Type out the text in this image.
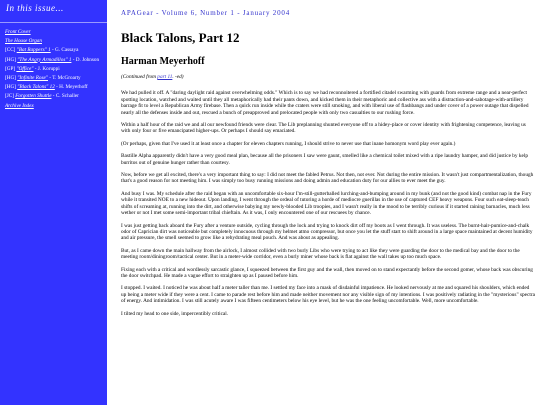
In this issue...
Front Cover
The House Organ
[CC] "Bat Rappers" 1 - G. Cassaya
[HG] "The Angry Armadillos" 1 - D. Johnson
[GP] "Office" - J. Koruppi
[HG] "Infinite Rose" - T. McGroarty
[HG] "Black Talons" 12 - H. Meyerhoff
[JC] Forgotten Shuttle - C. Schaller
Archive Index
APAGear - Volume 6, Number 1 - January 2004
Black Talons, Part 12
Harman Meyerhoff

(Continued from part 11. -ed)

We had pulled it off. A "daring daylight raid against overwhelming odds." Which is to say we had reconnoitered a fortified citadel swarming with guards from extreme range and a near-perfect spotting location, watched and waited until they all metaphorically had their pants down, and kicked them in their metaphoric and collective ass with a distraction-and-sabotage-with-artillery barrage fit to level a Republican Army firebase. Then a quick run inside while the craters were still smoking, and with liberal use of flashbangs and under cover of a power outage that dispelled nearly all the defenses inside and out, rescued a bunch of preapproved and prelocated people with only two casualties to our rushing force.

Within a half hour of the raid we and all our newfound friends were clear. The Lib preplanning shunted everyone off to a hidey-place or cover identity with frightening competence, leaving us with only four or five emancipated higher-ups. Or perhaps I should say emaciated.

(Or perhaps, given that I've used it at least once a chapter for eleven chapters running, I should strive to never use that inane homonym word play ever again.)

Bastille Alpha apparently didn't have a very good meal plan, because all the prisoners I saw were gaunt, smelled like a chemical toilet mixed with a ripe laundry hamper, and did justice by kelp burritos out of genuine hunger rather than courtesy.

Now, before we get all excited, there's a very important thing to say: I did not meet the fabled Petrus. Not then, not ever. Not during the entire mission. It wasn't just compartmentalization, though that's a good reason for not meeting him. I was simply too busy running missions and doing admin and education duty for our allies to ever meet the guy.

And busy I was. My schedule after the raid began with an uncomfortable six-hour I'm-still-gutterballed lurching-and-bumping around in my bunk (and not the good kind) combat nap in the Fury while it transited NOE to a new hideout. Upon landing, I went through the ordeal of tutoring a horde of mediocre guerillas in the use of captured CEF heavy weapons. Four such eat-sleep-teach shifts of screaming at, running into the dirt, and otherwise babying my newly-blooded Lib troopies, and I wasn't really in the mood to be terribly curious if it started raining barnacles, much less wether or not I met some semi-important tribal chieftain. As it was, I only encountered one of our rescuees by chance.

I was just getting back aboard the Fury after a venture outside, cycling through the lock and trying to knock dirt off my boots as I went through. It was useless. The burnt-hair-pumice-and-chalk odor of Caprician dirt was noticeable but completely innocuous through my helmet atmo compressor, but once you let the stuff start to shift around in a large space maintained at decent humidity and air pressure, the smell seemed to grow like a rehydrating meal pouch. And was about as appealing.

But, as I came down the main hallway from the airlock, I almost collided with two burly Libs who were trying to act like they were guarding the door to the medical bay and the door to the meeting room/diningroom/tactical center. But in a meter-wide corridor, even a burly miner whose back is flat against the wall takes up too much space.

Fixing each with a critical and wordlessly sarcastic glance, I squeezed between the first guy and the wall, then moved on to stand expectantly before the second gomer, whose back was obscuring the door switchpad. He made a vague effort to straighten up as I paused before him.

I stopped. I waited. I noticed he was about half a meter taller than me. I settled my face into a mask of disdainful impatience. He looked nervously at me and squared his shoulders, which ended up being a meter wide if they were a cent. I came to parade rest before him and made neither movement nor any visible sign of my intentions. I was positively radiating in the "mysterious" spectra of energy. And intimidation. I was still acutely aware I was fifteen centimeters below his eye level, but he was the one feeling uncomfortable. Well, more uncomfortable.

I tilted my head to one side, impercentibly critical.
